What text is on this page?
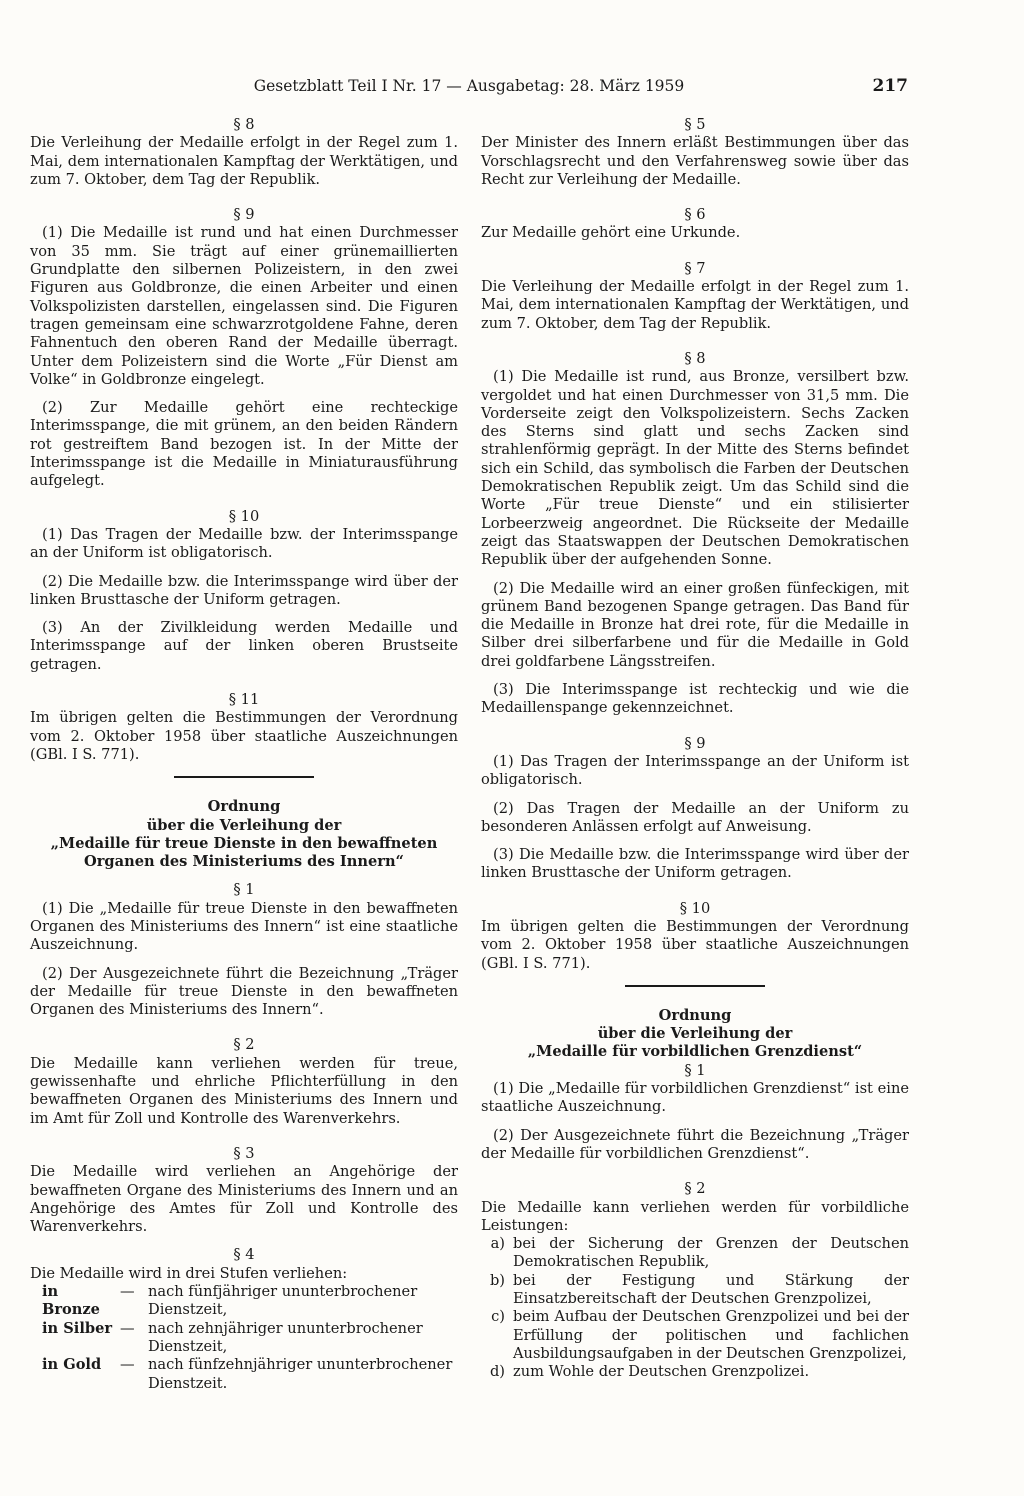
Gesetzblatt Teil I Nr. 17 — Ausgabetag: 28. März 1959	217

§ 8

Die Verleihung der Medaille erfolgt in der Regel zum 1. Mai, dem internationalen Kampftag der Werktätigen, und zum 7. Oktober, dem Tag der Republik.

§ 9

(1) Die Medaille ist rund und hat einen Durchmesser von 35 mm. Sie trägt auf einer grünemaillierten Grundplatte den silbernen Polizeistern, in den zwei Figuren aus Goldbronze, die einen Arbeiter und einen Volkspolizisten darstellen, eingelassen sind. Die Figuren tragen gemeinsam eine schwarzrotgoldene Fahne, deren Fahnentuch den oberen Rand der Medaille überragt. Unter dem Polizeistern sind die Worte „Für Dienst am Volke“ in Goldbronze eingelegt.

(2) Zur Medaille gehört eine rechteckige Interimsspange, die mit grünem, an den beiden Rändern rot gestreiftem Band bezogen ist. In der Mitte der Interimsspange ist die Medaille in Miniaturausführung aufgelegt.

§ 10

(1) Das Tragen der Medaille bzw. der Interimsspange an der Uniform ist obligatorisch.

(2) Die Medaille bzw. die Interimsspange wird über der linken Brusttasche der Uniform getragen.

(3) An der Zivilkleidung werden Medaille und Interimsspange auf der linken oberen Brustseite getragen.

§ 11

Im übrigen gelten die Bestimmungen der Verordnung vom 2. Oktober 1958 über staatliche Auszeichnungen (GBl. I S. 771).

Ordnung

über die Verleihung der

„Medaille für treue Dienste in den bewaffneten

Organen des Ministeriums des Innern“

§ 1

(1) Die „Medaille für treue Dienste in den bewaffneten Organen des Ministeriums des Innern“ ist eine staatliche Auszeichnung.

(2) Der Ausgezeichnete führt die Bezeichnung „Träger der Medaille für treue Dienste in den bewaffneten Organen des Ministeriums des Innern“.

§ 2

Die Medaille kann verliehen werden für treue, gewissenhafte und ehrliche Pflichterfüllung in den bewaffneten Organen des Ministeriums des Innern und im Amt für Zoll und Kontrolle des Warenverkehrs.

§ 3

Die Medaille wird verliehen an Angehörige der bewaffneten Organe des Ministeriums des Innern und an Angehörige des Amtes für Zoll und Kontrolle des Warenverkehrs.

§ 4

Die Medaille wird in drei Stufen verliehen:

in Bronze
— nach fünfjähriger ununterbrochener Dienstzeit,
in Silber — nach zehnjähriger ununterbrochener Dienstzeit,
in Gold	— nach fünfzehnjähriger ununterbrochener Dienstzeit.

§ 5

Der Minister des Innern erläßt Bestimmungen über das Vorschlagsrecht und den Verfahrensweg sowie über das Recht zur Verleihung der Medaille.

§ 6

Zur Medaille gehört eine Urkunde.

§ 7

Die Verleihung der Medaille erfolgt in der Regel zum 1. Mai, dem internationalen Kampftag der Werktätigen, und zum 7. Oktober, dem Tag der Republik.

§ 8

(1) Die Medaille ist rund, aus Bronze, versilbert bzw. vergoldet und hat einen Durchmesser von 31,5 mm. Die Vorderseite zeigt den Volkspolizeistern. Sechs Zacken des Sterns sind glatt und sechs Zacken sind strahlenförmig geprägt. In der Mitte des Sterns befindet sich ein Schild, das symbolisch die Farben der Deutschen Demokratischen Republik zeigt. Um das Schild sind die Worte „Für treue Dienste“ und ein stilisierter Lorbeerzweig angeordnet. Die Rückseite der Medaille zeigt das Staatswappen der Deutschen Demokratischen Republik über der aufgehenden Sonne.

(2) Die Medaille wird an einer großen fünfeckigen, mit grünem Band bezogenen Spange getragen. Das Band für die Medaille in Bronze hat drei rote, für die Medaille in Silber drei silberfarbene und für die Medaille in Gold drei goldfarbene Längsstreifen.

(3) Die Interimsspange ist rechteckig und wie die Medaillenspange gekennzeichnet.

§ 9

(1) Das Tragen der Interimsspange an der Uniform ist obligatorisch.

(2) Das Tragen der Medaille an der Uniform zu besonderen Anlässen erfolgt auf Anweisung.

(3) Die Medaille bzw. die Interimsspange wird über der linken Brusttasche der Uniform getragen.

§ 10

Im übrigen gelten die Bestimmungen der Verordnung vom 2. Oktober 1958 über staatliche Auszeichnungen (GBl. I S. 771).

Ordnung

über die Verleihung der

„Medaille für vorbildlichen Grenzdienst“

§ 1

(1) Die „Medaille für vorbildlichen Grenzdienst“ ist eine staatliche Auszeichnung.

(2) Der Ausgezeichnete führt die Bezeichnung „Träger der Medaille für vorbildlichen Grenzdienst“.

§ 2

Die Medaille kann verliehen werden für vorbildliche Leistungen:

a) bei der Sicherung der Grenzen der Deutschen Demokratischen Republik,
b) bei der Festigung und Stärkung der Einsatzbereitschaft der Deutschen Grenzpolizei,
c) beim Aufbau der Deutschen Grenzpolizei und bei der Erfüllung der politischen und fachlichen Ausbildungsaufgaben in der Deutschen Grenzpolizei,
d) zum Wohle der Deutschen Grenzpolizei.
